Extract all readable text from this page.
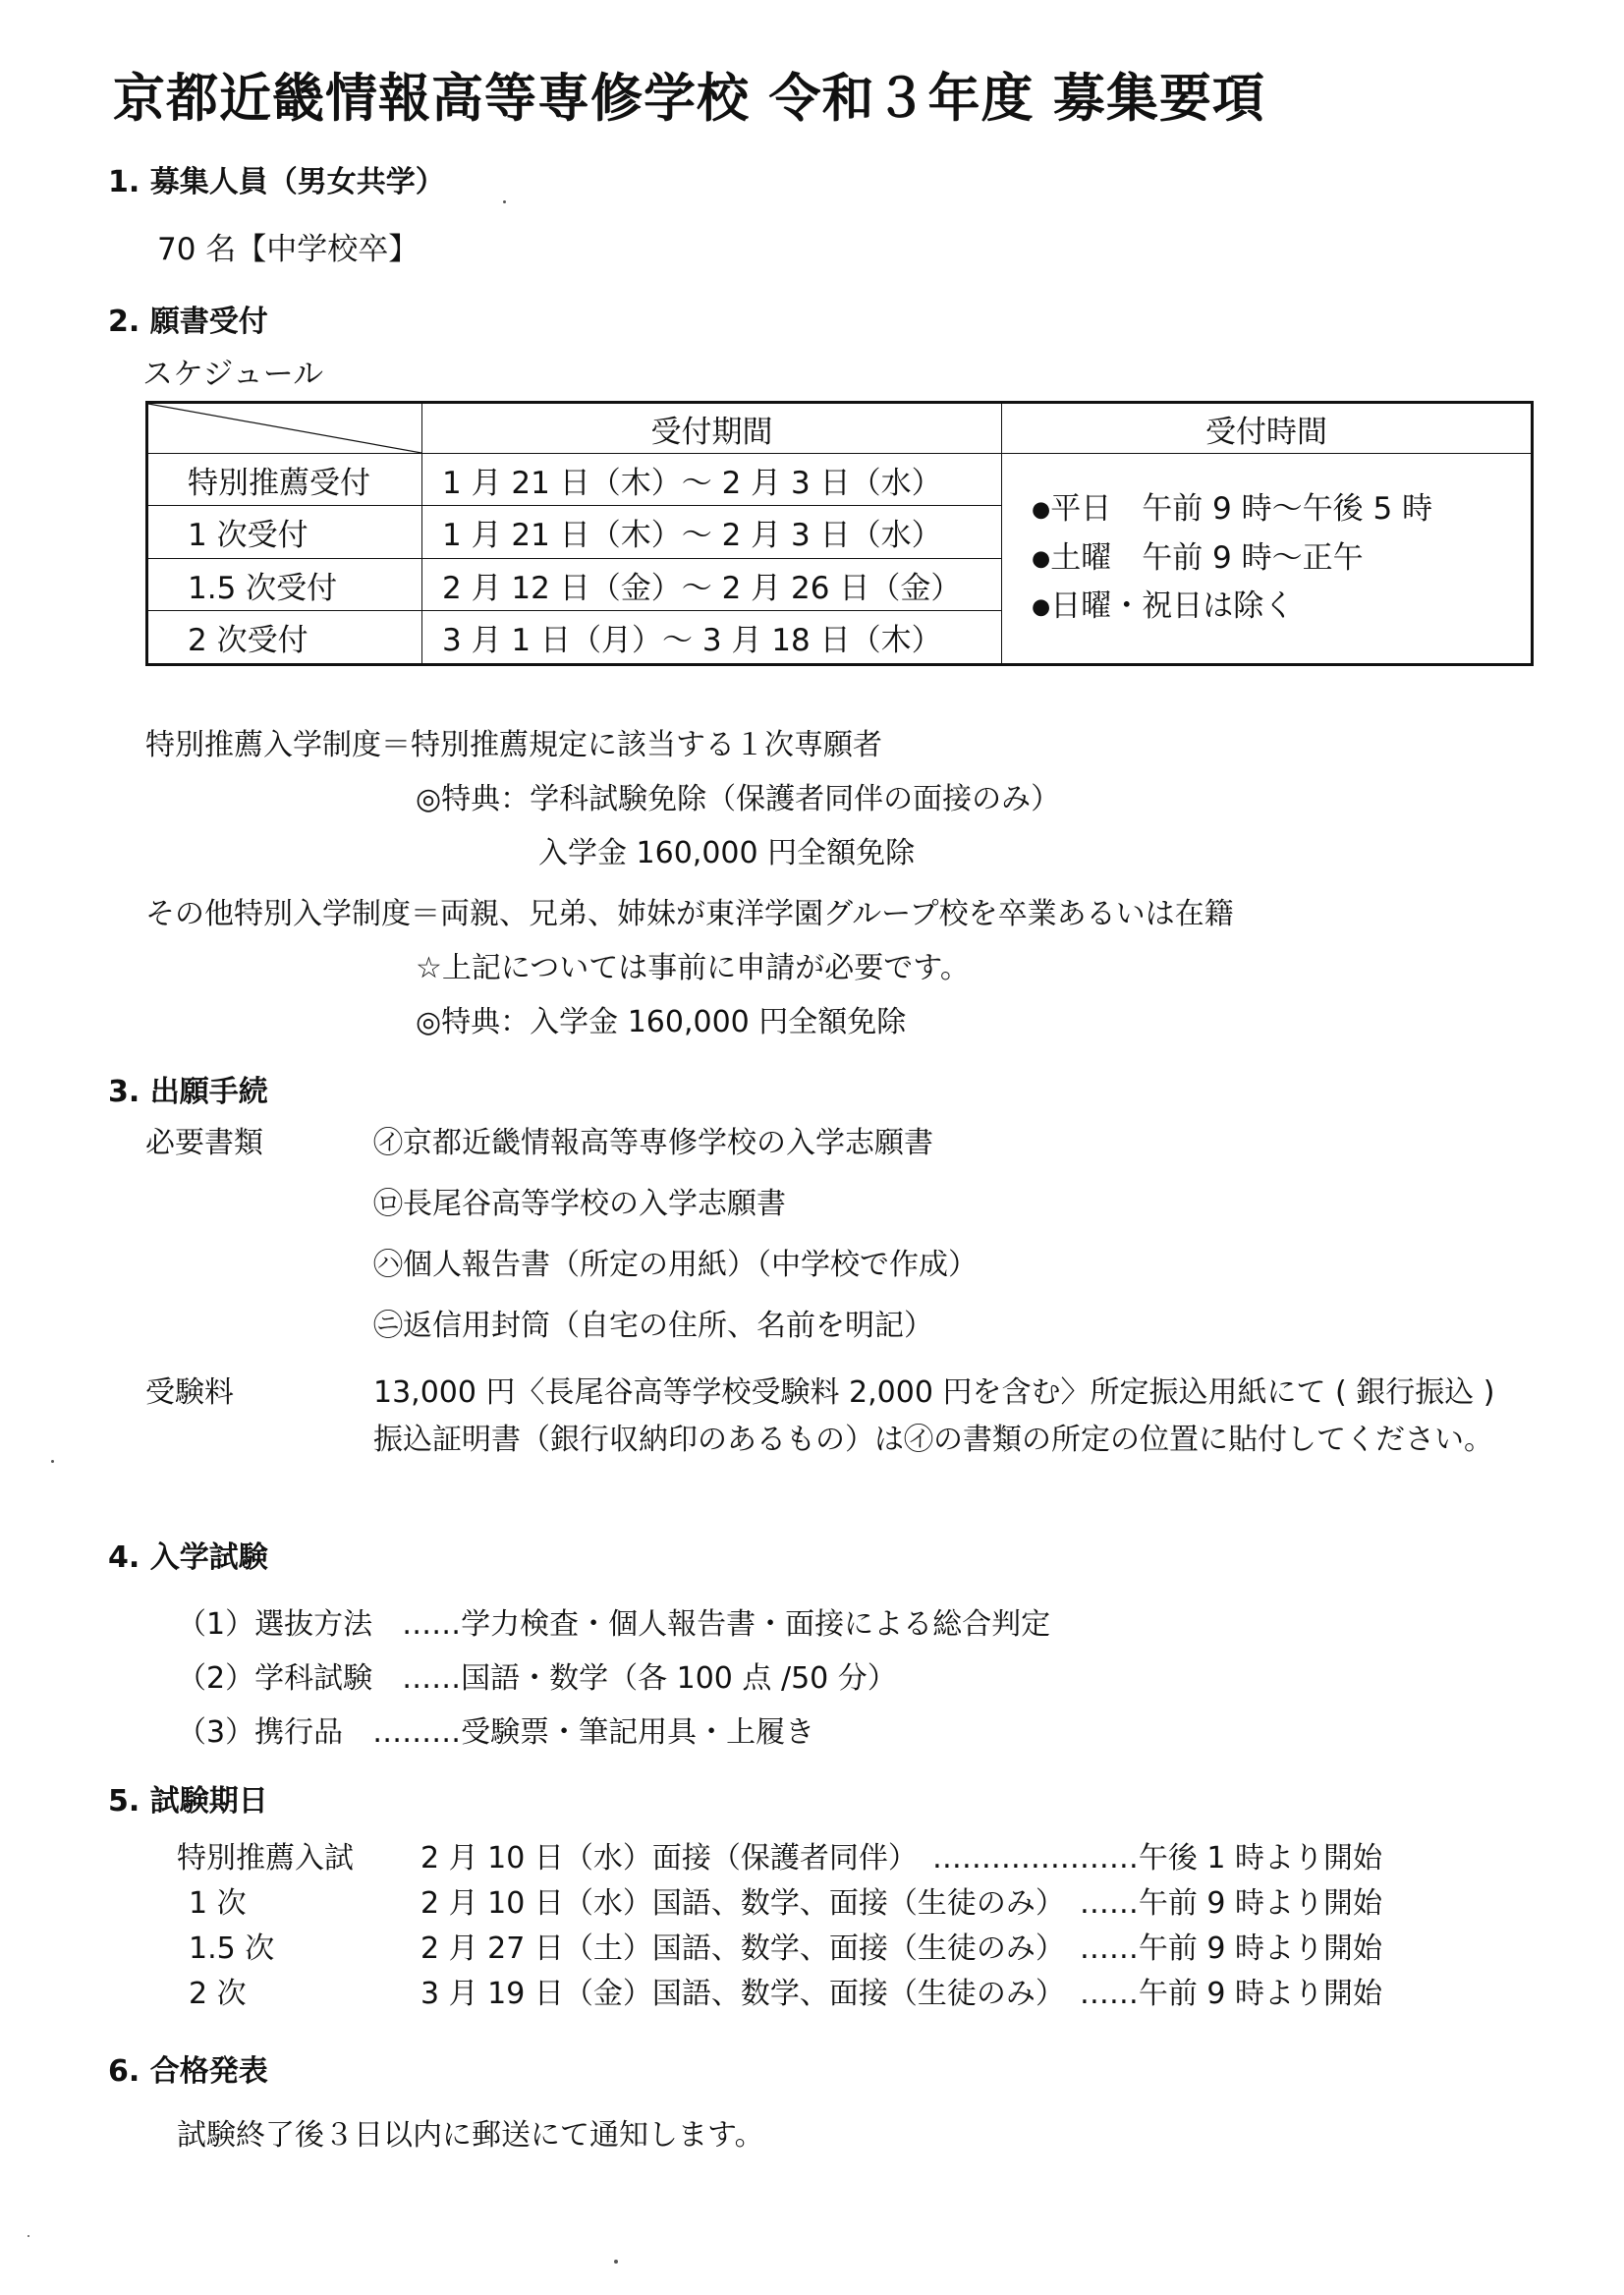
京都近畿情報高等専修学校 令和３年度 募集要項
1. 募集人員（男女共学）
70 名【中学校卒】
2. 願書受付
スケジュール
	受付期間	受付時間
特別推薦受付	1 月 21 日（木）～ 2 月 3 日（水）	●平日　午前 9 時～午後 5 時
●土曜　午前 9 時～正午
●日曜・祝日は除く

1 次受付	1 月 21 日（木）～ 2 月 3 日（水）	
1.5 次受付	2 月 12 日（金）～ 2 月 26 日（金）	
2 次受付	3 月 1 日（月）～ 3 月 18 日（木）	
特別推薦入学制度＝特別推薦規定に該当する１次専願者
◎特典：学科試験免除（保護者同伴の面接のみ）
入学金 160,000 円全額免除
その他特別入学制度＝両親、兄弟、姉妹が東洋学園グループ校を卒業あるいは在籍
☆上記については事前に申請が必要です。
◎特典：入学金 160,000 円全額免除
3. 出願手続
必要書類	㋑京都近畿情報高等専修学校の入学志願書
㋺長尾谷高等学校の入学志願書
㋩個人報告書（所定の用紙）（中学校で作成）
㋥返信用封筒（自宅の住所、名前を明記）
受験料	13,000 円〈長尾谷高等学校受験料 2,000 円を含む〉所定振込用紙にて ( 銀行振込 )
振込証明書（銀行収納印のあるもの）は㋑の書類の所定の位置に貼付してください。
4. 入学試験
（1）選抜方法　……学力検査・個人報告書・面接による総合判定
（2）学科試験　……国語・数学（各 100 点 /50 分）
（3）携行品　………受験票・筆記用具・上履き
5. 試験期日
特別推薦入試 2 月 10 日（水）面接（保護者同伴）　…………………午後 1 時より開始
1 次	2 月 10 日（水）国語、数学、面接（生徒のみ）　……午前 9 時より開始
1.5 次	2 月 27 日（土）国語、数学、面接（生徒のみ）　……午前 9 時より開始
2 次	3 月 19 日（金）国語、数学、面接（生徒のみ）　……午前 9 時より開始
6. 合格発表
試験終了後３日以内に郵送にて通知します。
